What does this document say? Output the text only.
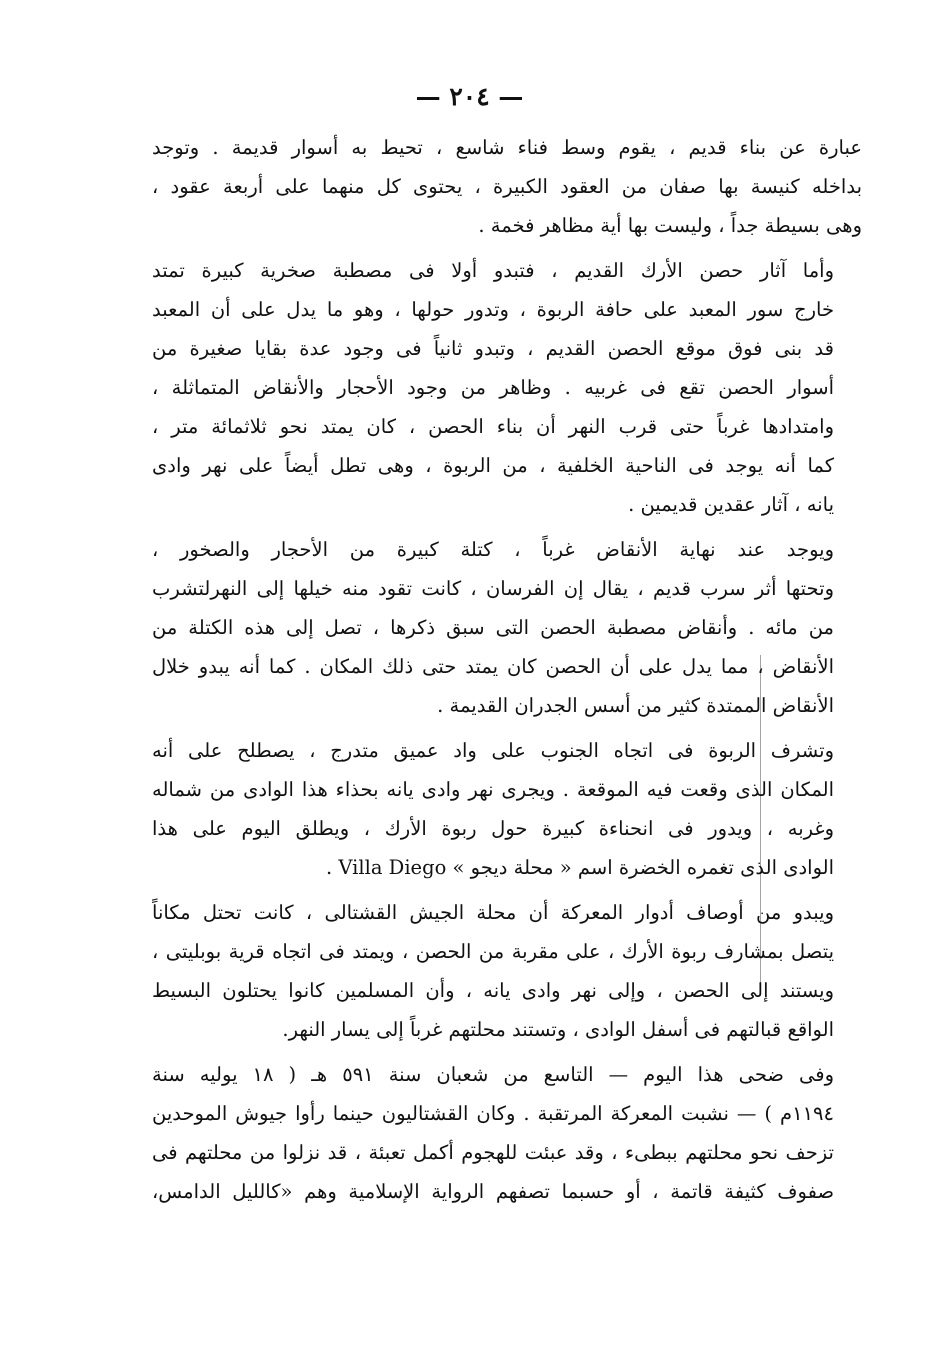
— ٢٠٤ —
عبارة عن بناء قديم ، يقوم وسط فناء شاسع ، تحيط به أسوار قديمة . وتوجد
بداخله كنيسة بها صفان من العقود الكبيرة ، يحتوى كل منهما على أربعة عقود ،
وهى بسيطة جداً ، وليست بها أية مظاهر فخمة .
وأما آثار حصن الأرك القديم ، فتبدو أولا فى مصطبة صخرية كبيرة تمتد
خارج سور المعبد على حافة الربوة ، وتدور حولها ، وهو ما يدل على أن المعبد
قد بنى فوق موقع الحصن القديم ، وتبدو ثانياً فى وجود عدة بقايا صغيرة من
أسوار الحصن تقع فى غربيه . وظاهر من وجود الأحجار والأنقاض المتماثلة ،
وامتدادها غرباً حتى قرب النهر أن بناء الحصن ، كان يمتد نحو ثلاثمائة متر ،
كما أنه يوجد فى الناحية الخلفية ، من الربوة ، وهى تطل أيضاً على نهر وادى
يانه ، آثار عقدين قديمين .
ويوجد عند نهاية الأنقاض غرباً ، كتلة كبيرة من الأحجار والصخور ،
وتحتها أثر سرب قديم ، يقال إن الفرسان ، كانت تقود منه خيلها إلى النهرلتشرب
من مائه . وأنقاض مصطبة الحصن التى سبق ذكرها ، تصل إلى هذه الكتلة من
الأنقاض ، مما يدل على أن الحصن كان يمتد حتى ذلك المكان . كما أنه يبدو خلال
الأنقاض الممتدة كثير من أسس الجدران القديمة .
وتشرف الربوة فى اتجاه الجنوب على واد عميق متدرج ، يصطلح على أنه
المكان الذى وقعت فيه الموقعة . ويجرى نهر وادى يانه بحذاء هذا الوادى من شماله
وغربه ، ويدور فى انحناءة كبيرة حول ربوة الأرك ، ويطلق اليوم على هذا
الوادى الذى تغمره الخضرة اسم « محلة ديجو » Villa Diego .
ويبدو من أوصاف أدوار المعركة أن محلة الجيش القشتالى ، كانت تحتل مكاناً
يتصل بمشارف ربوة الأرك ، على مقربة من الحصن ، ويمتد فى اتجاه قرية بوبليتى ،
ويستند إلى الحصن ، وإلى نهر وادى يانه ، وأن المسلمين كانوا يحتلون البسيط
الواقع قبالتهم فى أسفل الوادى ، وتستند محلتهم غرباً إلى يسار النهر.
وفى ضحى هذا اليوم — التاسع من شعبان سنة ٥٩١ هـ ( ١٨ يوليه سنة
١١٩٤م ) — نشبت المعركة المرتقبة . وكان القشتاليون حينما رأوا جيوش الموحدين
تزحف نحو محلتهم ببطىء ، وقد عبئت للهجوم أكمل تعبئة ، قد نزلوا من محلتهم فى
صفوف كثيفة قاتمة ، أو حسبما تصفهم الرواية الإسلامية وهم «كالليل الدامس،
